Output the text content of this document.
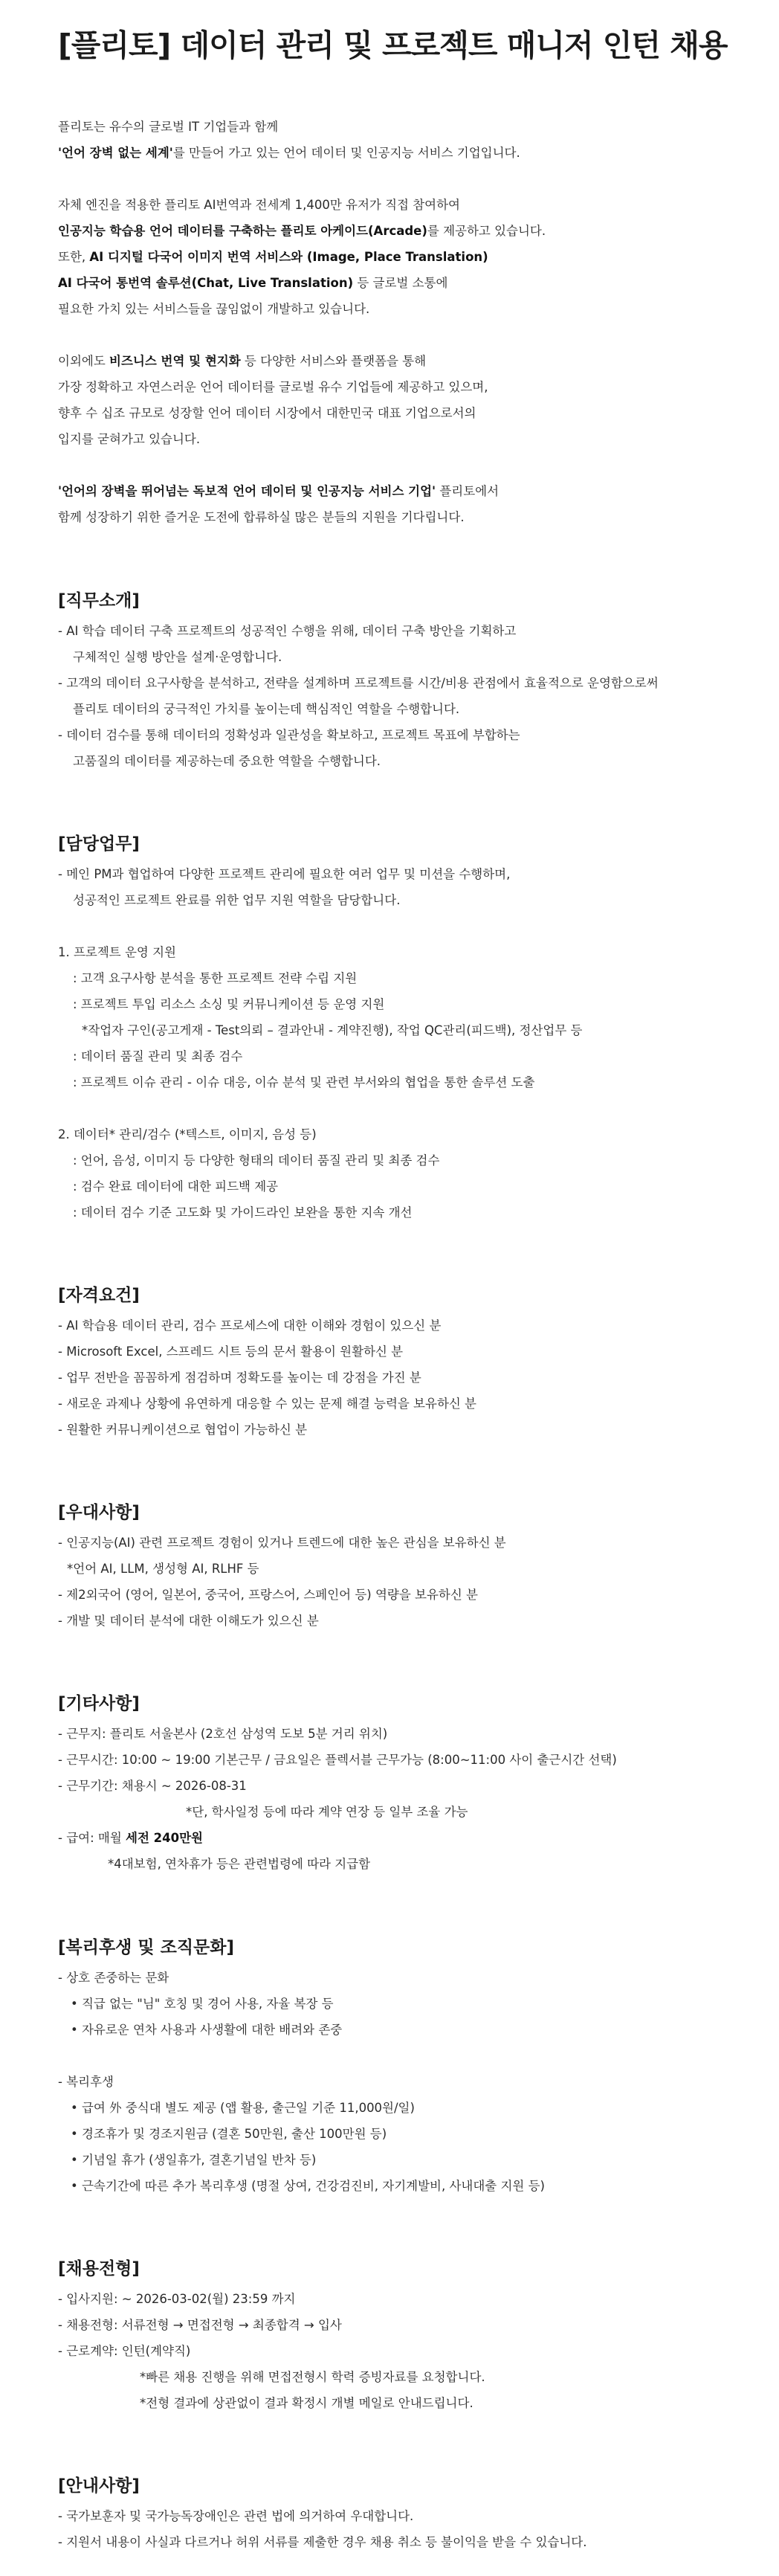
[플리토] 데이터 관리 및 프로젝트 매니저 인턴 채용
플리토는 유수의 글로벌 IT 기업들과 함께
'언어 장벽 없는 세계'를 만들어 가고 있는 언어 데이터 및 인공지능 서비스 기업입니다.
자체 엔진을 적용한 플리토 AI번역과 전세계 1,400만 유저가 직접 참여하여
인공지능 학습용 언어 데이터를 구축하는 플리토 아케이드(Arcade)를 제공하고 있습니다.
또한, AI 디지털 다국어 이미지 번역 서비스와 (Image, Place Translation)
AI 다국어 통번역 솔루션(Chat, Live Translation) 등 글로벌 소통에
필요한 가치 있는 서비스들을 끊임없이 개발하고 있습니다.
이외에도 비즈니스 번역 및 현지화 등 다양한 서비스와 플랫폼을 통해
가장 정확하고 자연스러운 언어 데이터를 글로벌 유수 기업들에 제공하고 있으며,
향후 수 십조 규모로 성장할 언어 데이터 시장에서 대한민국 대표 기업으로서의
입지를 굳혀가고 있습니다.
'언어의 장벽을 뛰어넘는 독보적 언어 데이터 및 인공지능 서비스 기업' 플리토에서
함께 성장하기 위한 즐거운 도전에 합류하실 많은 분들의 지원을 기다립니다.
[직무소개]
- AI 학습 데이터 구축 프로젝트의 성공적인 수행을 위해, 데이터 구축 방안을 기획하고
구체적인 실행 방안을 설계·운영합니다.
- 고객의 데이터 요구사항을 분석하고, 전략을 설계하며 프로젝트를 시간/비용 관점에서 효율적으로 운영함으로써
플리토 데이터의 궁극적인 가치를 높이는데 핵심적인 역할을 수행합니다.
- 데이터 검수를 통해 데이터의 정확성과 일관성을 확보하고, 프로젝트 목표에 부합하는
고품질의 데이터를 제공하는데 중요한 역할을 수행합니다.
[담당업무]
- 메인 PM과 협업하여 다양한 프로젝트 관리에 필요한 여러 업무 및 미션을 수행하며,
성공적인 프로젝트 완료를 위한 업무 지원 역할을 담당합니다.
1. 프로젝트 운영 지원
: 고객 요구사항 분석을 통한 프로젝트 전략 수립 지원
: 프로젝트 투입 리소스 소싱 및 커뮤니케이션 등 운영 지원
*작업자 구인(공고게재 - Test의뢰 – 결과안내 - 계약진행), 작업 QC관리(피드백), 정산업무 등
: 데이터 품질 관리 및 최종 검수
: 프로젝트 이슈 관리 - 이슈 대응, 이슈 분석 및 관련 부서와의 협업을 통한 솔루션 도출
2. 데이터* 관리/검수 (*텍스트, 이미지, 음성 등)
: 언어, 음성, 이미지 등 다양한 형태의 데이터 품질 관리 및 최종 검수
: 검수 완료 데이터에 대한 피드백 제공
: 데이터 검수 기준 고도화 및 가이드라인 보완을 통한 지속 개선
[자격요건]
- AI 학습용 데이터 관리, 검수 프로세스에 대한 이해와 경험이 있으신 분
- Microsoft Excel, 스프레드 시트 등의 문서 활용이 원활하신 분
- 업무 전반을 꼼꼼하게 점검하며 정확도를 높이는 데 강점을 가진 분
- 새로운 과제나 상황에 유연하게 대응할 수 있는 문제 해결 능력을 보유하신 분
- 원활한 커뮤니케이션으로 협업이 가능하신 분
[우대사항]
- 인공지능(AI) 관련 프로젝트 경험이 있거나 트렌드에 대한 높은 관심을 보유하신 분
*언어 AI, LLM, 생성형 AI, RLHF 등
- 제2외국어 (영어, 일본어, 중국어, 프랑스어, 스페인어 등) 역량을 보유하신 분
- 개발 및 데이터 분석에 대한 이해도가 있으신 분
[기타사항]
- 근무지: 플리토 서울본사 (2호선 삼성역 도보 5분 거리 위치)
- 근무시간: 10:00 ~ 19:00 기본근무 / 금요일은 플렉서블 근무가능 (8:00~11:00 사이 출근시간 선택)
- 근무기간: 채용시 ~ 2026-08-31
*단, 학사일정 등에 따라 계약 연장 등 일부 조율 가능
- 급여: 매월 세전 240만원
*4대보험, 연차휴가 등은 관련법령에 따라 지급함
[복리후생 및 조직문화]
- 상호 존중하는 문화
• 직급 없는 "님" 호칭 및 경어 사용, 자율 복장 등
• 자유로운 연차 사용과 사생활에 대한 배려와 존중
- 복리후생
• 급여 外 중식대 별도 제공 (앱 활용, 출근일 기준 11,000원/일)
• 경조휴가 및 경조지원금 (결혼 50만원, 출산 100만원 등)
• 기념일 휴가 (생일휴가, 결혼기념일 반차 등)
• 근속기간에 따른 추가 복리후생 (명절 상여, 건강검진비, 자기계발비, 사내대출 지원 등)
[채용전형]
- 입사지원: ~ 2026-03-02(월) 23:59 까지
- 채용전형: 서류전형 → 면접전형 → 최종합격 → 입사
- 근로계약: 인턴(계약직)
*빠른 채용 진행을 위해 면접전형시 학력 증빙자료를 요청합니다.
*전형 결과에 상관없이 결과 확정시 개별 메일로 안내드립니다.
[안내사항]
- 국가보훈자 및 국가능독장애인은 관련 법에 의거하여 우대합니다.
- 지원서 내용이 사실과 다르거나 허위 서류를 제출한 경우 채용 취소 등 불이익을 받을 수 있습니다.
